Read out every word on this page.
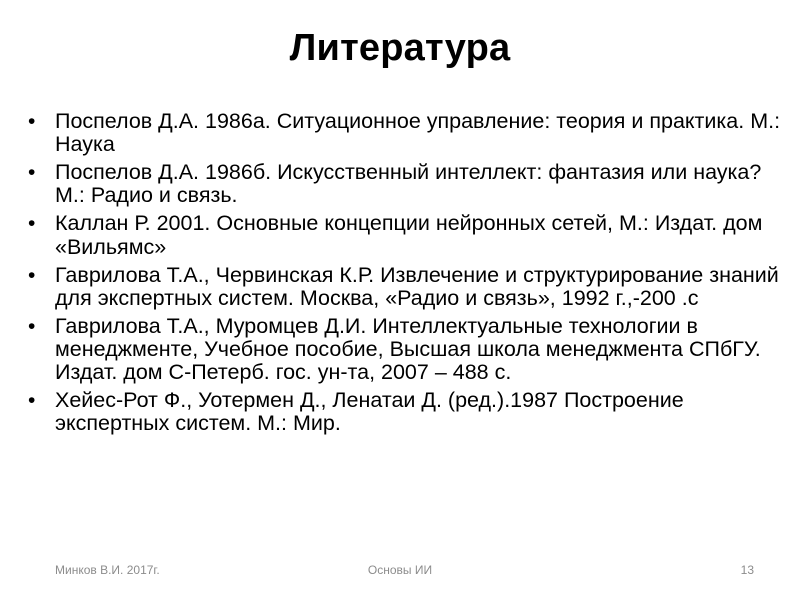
Литература
• Поспелов Д.А. 1986а. Ситуационное управление: теория и практика. М.: Наука
• Поспелов Д.А. 1986б. Искусственный интеллект: фантазия или наука? М.: Радио и связь.
• Каллан Р. 2001. Основные концепции нейронных сетей, М.: Издат. дом «Вильямс»
• Гаврилова Т.А., Червинская К.Р. Извлечение и структурирование знаний для экспертных систем. Москва, «Радио и связь», 1992 г.,-200 .с
• Гаврилова Т.А., Муромцев Д.И. Интеллектуальные технологии в менеджменте, Учебное пособие, Высшая школа менеджмента СПбГУ. Издат. дом С-Петерб. гос. ун-та, 2007 – 488 с.
• Хейес-Рот Ф., Уотермен Д., Ленатаи Д. (ред.).1987 Построение экспертных систем. М.: Мир.
Основы ИИ
Минков В.И. 2017г.	13
